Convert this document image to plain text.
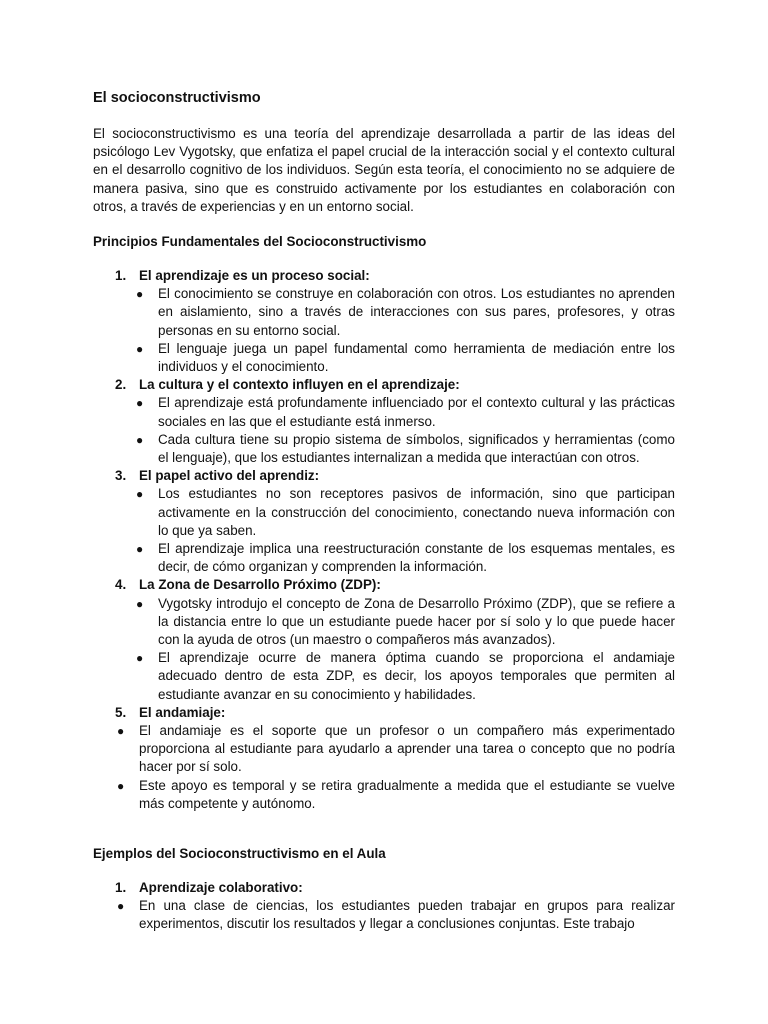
El socioconstructivismo

El socioconstructivismo es una teoría del aprendizaje desarrollada a partir de las ideas del psicólogo Lev Vygotsky, que enfatiza el papel crucial de la interacción social y el contexto cultural en el desarrollo cognitivo de los individuos. Según esta teoría, el conocimiento no se adquiere de manera pasiva, sino que es construido activamente por los estudiantes en colaboración con otros, a través de experiencias y en un entorno social.

Principios Fundamentales del Socioconstructivismo
1. El aprendizaje es un proceso social:
● El conocimiento se construye en colaboración con otros. Los estudiantes no aprenden en aislamiento, sino a través de interacciones con sus pares, profesores, y otras personas en su entorno social.
● El lenguaje juega un papel fundamental como herramienta de mediación entre los individuos y el conocimiento.
2. La cultura y el contexto influyen en el aprendizaje:
● El aprendizaje está profundamente influenciado por el contexto cultural y las prácticas sociales en las que el estudiante está inmerso.
● Cada cultura tiene su propio sistema de símbolos, significados y herramientas (como el lenguaje), que los estudiantes internalizan a medida que interactúan con otros.
3. El papel activo del aprendiz:
● Los estudiantes no son receptores pasivos de información, sino que participan activamente en la construcción del conocimiento, conectando nueva información con lo que ya saben.
● El aprendizaje implica una reestructuración constante de los esquemas mentales, es decir, de cómo organizan y comprenden la información.
4. La Zona de Desarrollo Próximo (ZDP):
● Vygotsky introdujo el concepto de Zona de Desarrollo Próximo (ZDP), que se refiere a la distancia entre lo que un estudiante puede hacer por sí solo y lo que puede hacer con la ayuda de otros (un maestro o compañeros más avanzados).
● El aprendizaje ocurre de manera óptima cuando se proporciona el andamiaje adecuado dentro de esta ZDP, es decir, los apoyos temporales que permiten al estudiante avanzar en su conocimiento y habilidades.
5. El andamiaje:
● El andamiaje es el soporte que un profesor o un compañero más experimentado proporciona al estudiante para ayudarlo a aprender una tarea o concepto que no podría hacer por sí solo.
● Este apoyo es temporal y se retira gradualmente a medida que el estudiante se vuelve más competente y autónomo.
Ejemplos del Socioconstructivismo en el Aula
1. Aprendizaje colaborativo:
● En una clase de ciencias, los estudiantes pueden trabajar en grupos para realizar experimentos, discutir los resultados y llegar a conclusiones conjuntas. Este trabajo
